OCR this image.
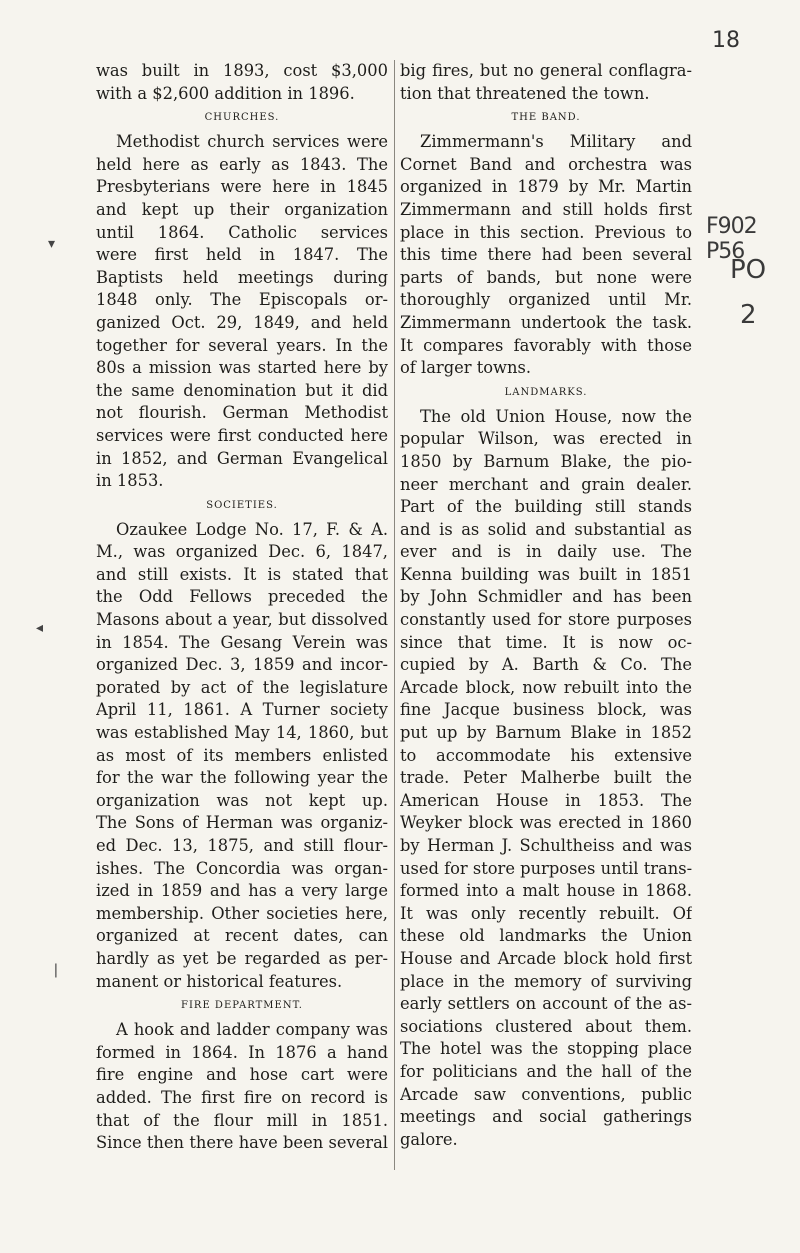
18
F902 P56
PO
2
▾
◂
❘
was built in 1893, cost $3,000
with a $2,600 addition in 1896.
CHURCHES.
Methodist church services were
held here as early as 1843. The
Presbyterians were here in 1845
and kept up their organization
until 1864. Catholic services
were first held in 1847. The
Baptists held meetings during
1848 only. The Episcopals or-
ganized Oct. 29, 1849, and held
together for several years. In the
80s a mission was started here by
the same denomination but it did
not flourish. German Methodist
services were first conducted here
in 1852, and German Evangelical
in 1853.
SOCIETIES.
Ozaukee Lodge No. 17, F. & A.
M., was organized Dec. 6, 1847,
and still exists. It is stated that
the Odd Fellows preceded the
Masons about a year, but dissolved
in 1854. The Gesang Verein was
organized Dec. 3, 1859 and incor-
porated by act of the legislature
April 11, 1861. A Turner society
was established May 14, 1860, but
as most of its members enlisted
for the war the following year the
organization was not kept up.
The Sons of Herman was organiz-
ed Dec. 13, 1875, and still flour-
ishes. The Concordia was organ-
ized in 1859 and has a very large
membership. Other societies here,
organized at recent dates, can
hardly as yet be regarded as per-
manent or historical features.
FIRE DEPARTMENT.
A hook and ladder company was
formed in 1864. In 1876 a hand
fire engine and hose cart were
added. The first fire on record is
that of the flour mill in 1851.
Since then there have been several
big fires, but no general conflagra-
tion that threatened the town.
THE BAND.
Zimmermann's Military and
Cornet Band and orchestra was
organized in 1879 by Mr. Martin
Zimmermann and still holds first
place in this section. Previous to
this time there had been several
parts of bands, but none were
thoroughly organized until Mr.
Zimmermann undertook the task.
It compares favorably with those
of larger towns.
LANDMARKS.
The old Union House, now the
popular Wilson, was erected in
1850 by Barnum Blake, the pio-
neer merchant and grain dealer.
Part of the building still stands
and is as solid and substantial as
ever and is in daily use. The
Kenna building was built in 1851
by John Schmidler and has been
constantly used for store purposes
since that time. It is now oc-
cupied by A. Barth & Co. The
Arcade block, now rebuilt into the
fine Jacque business block, was
put up by Barnum Blake in 1852
to accommodate his extensive
trade. Peter Malherbe built the
American House in 1853. The
Weyker block was erected in 1860
by Herman J. Schultheiss and was
used for store purposes until trans-
formed into a malt house in 1868.
It was only recently rebuilt. Of
these old landmarks the Union
House and Arcade block hold first
place in the memory of surviving
early settlers on account of the as-
sociations clustered about them.
The hotel was the stopping place
for politicians and the hall of the
Arcade saw conventions, public
meetings and social gatherings
galore.
